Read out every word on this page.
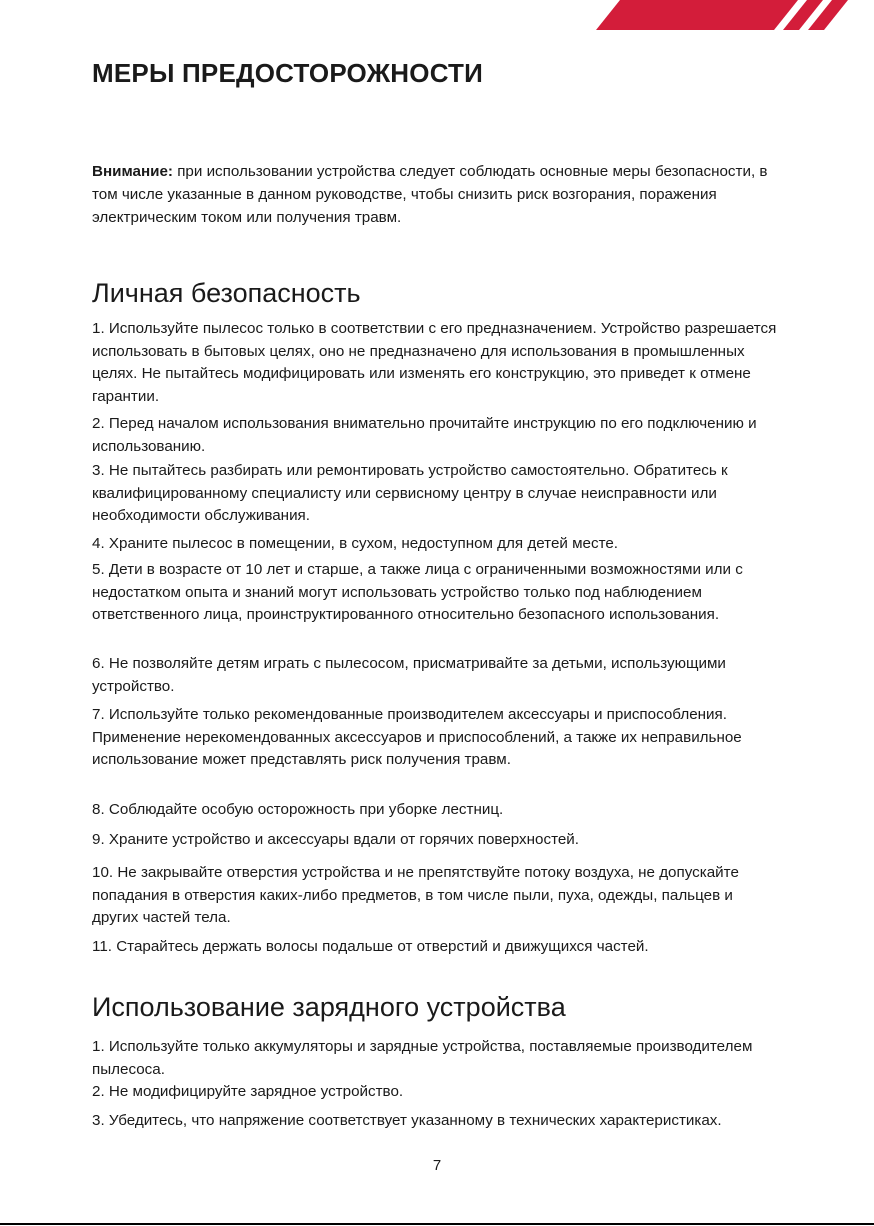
МЕРЫ ПРЕДОСТОРОЖНОСТИ

Внимание: при использовании устройства следует соблюдать основные меры безопасности, в том числе указанные в данном руководстве, чтобы снизить риск возгорания, поражения электрическим током или получения травм.

Личная безопасность
1. Используйте пылесос только в соответствии с его предназначением. Устройство разрешается использовать в бытовых целях, оно не предназначено для использования в промышленных целях. Не пытайтесь модифицировать или изменять его конструкцию, это приведет к отмене гарантии.
2. Перед началом использования внимательно прочитайте инструкцию по его подключению и использованию.
3. Не пытайтесь разбирать или ремонтировать устройство самостоятельно. Обратитесь к квалифицированному специалисту или сервисному центру в случае неисправности или необходимости обслуживания.
4. Храните пылесос в помещении, в сухом, недоступном для детей месте.
5. Дети в возрасте от 10 лет и старше, а также лица с ограниченными возможностями или с недостатком опыта и знаний могут использовать устройство только под наблюдением ответственного лица, проинструктированного относительно безопасного использования.
6. Не позволяйте детям играть с пылесосом, присматривайте за детьми, использующими устройство.
7. Используйте только рекомендованные производителем аксессуары и приспособления. Применение нерекомендованных аксессуаров и приспособлений, а также их неправильное использование может представлять риск получения травм.
8. Соблюдайте особую осторожность при уборке лестниц.
9. Храните устройство и аксессуары вдали от горячих поверхностей.
10. Не закрывайте отверстия устройства и не препятствуйте потоку воздуха, не допускайте попадания в отверстия каких-либо предметов, в том числе пыли, пуха, одежды, пальцев и других частей тела.
11. Старайтесь держать волосы подальше от отверстий и движущихся частей.
Использование зарядного устройства
1. Используйте только аккумуляторы и зарядные устройства, поставляемые производителем пылесоса.
2. Не модифицируйте зарядное устройство.
3. Убедитесь, что напряжение соответствует указанному в технических характеристиках.
7
